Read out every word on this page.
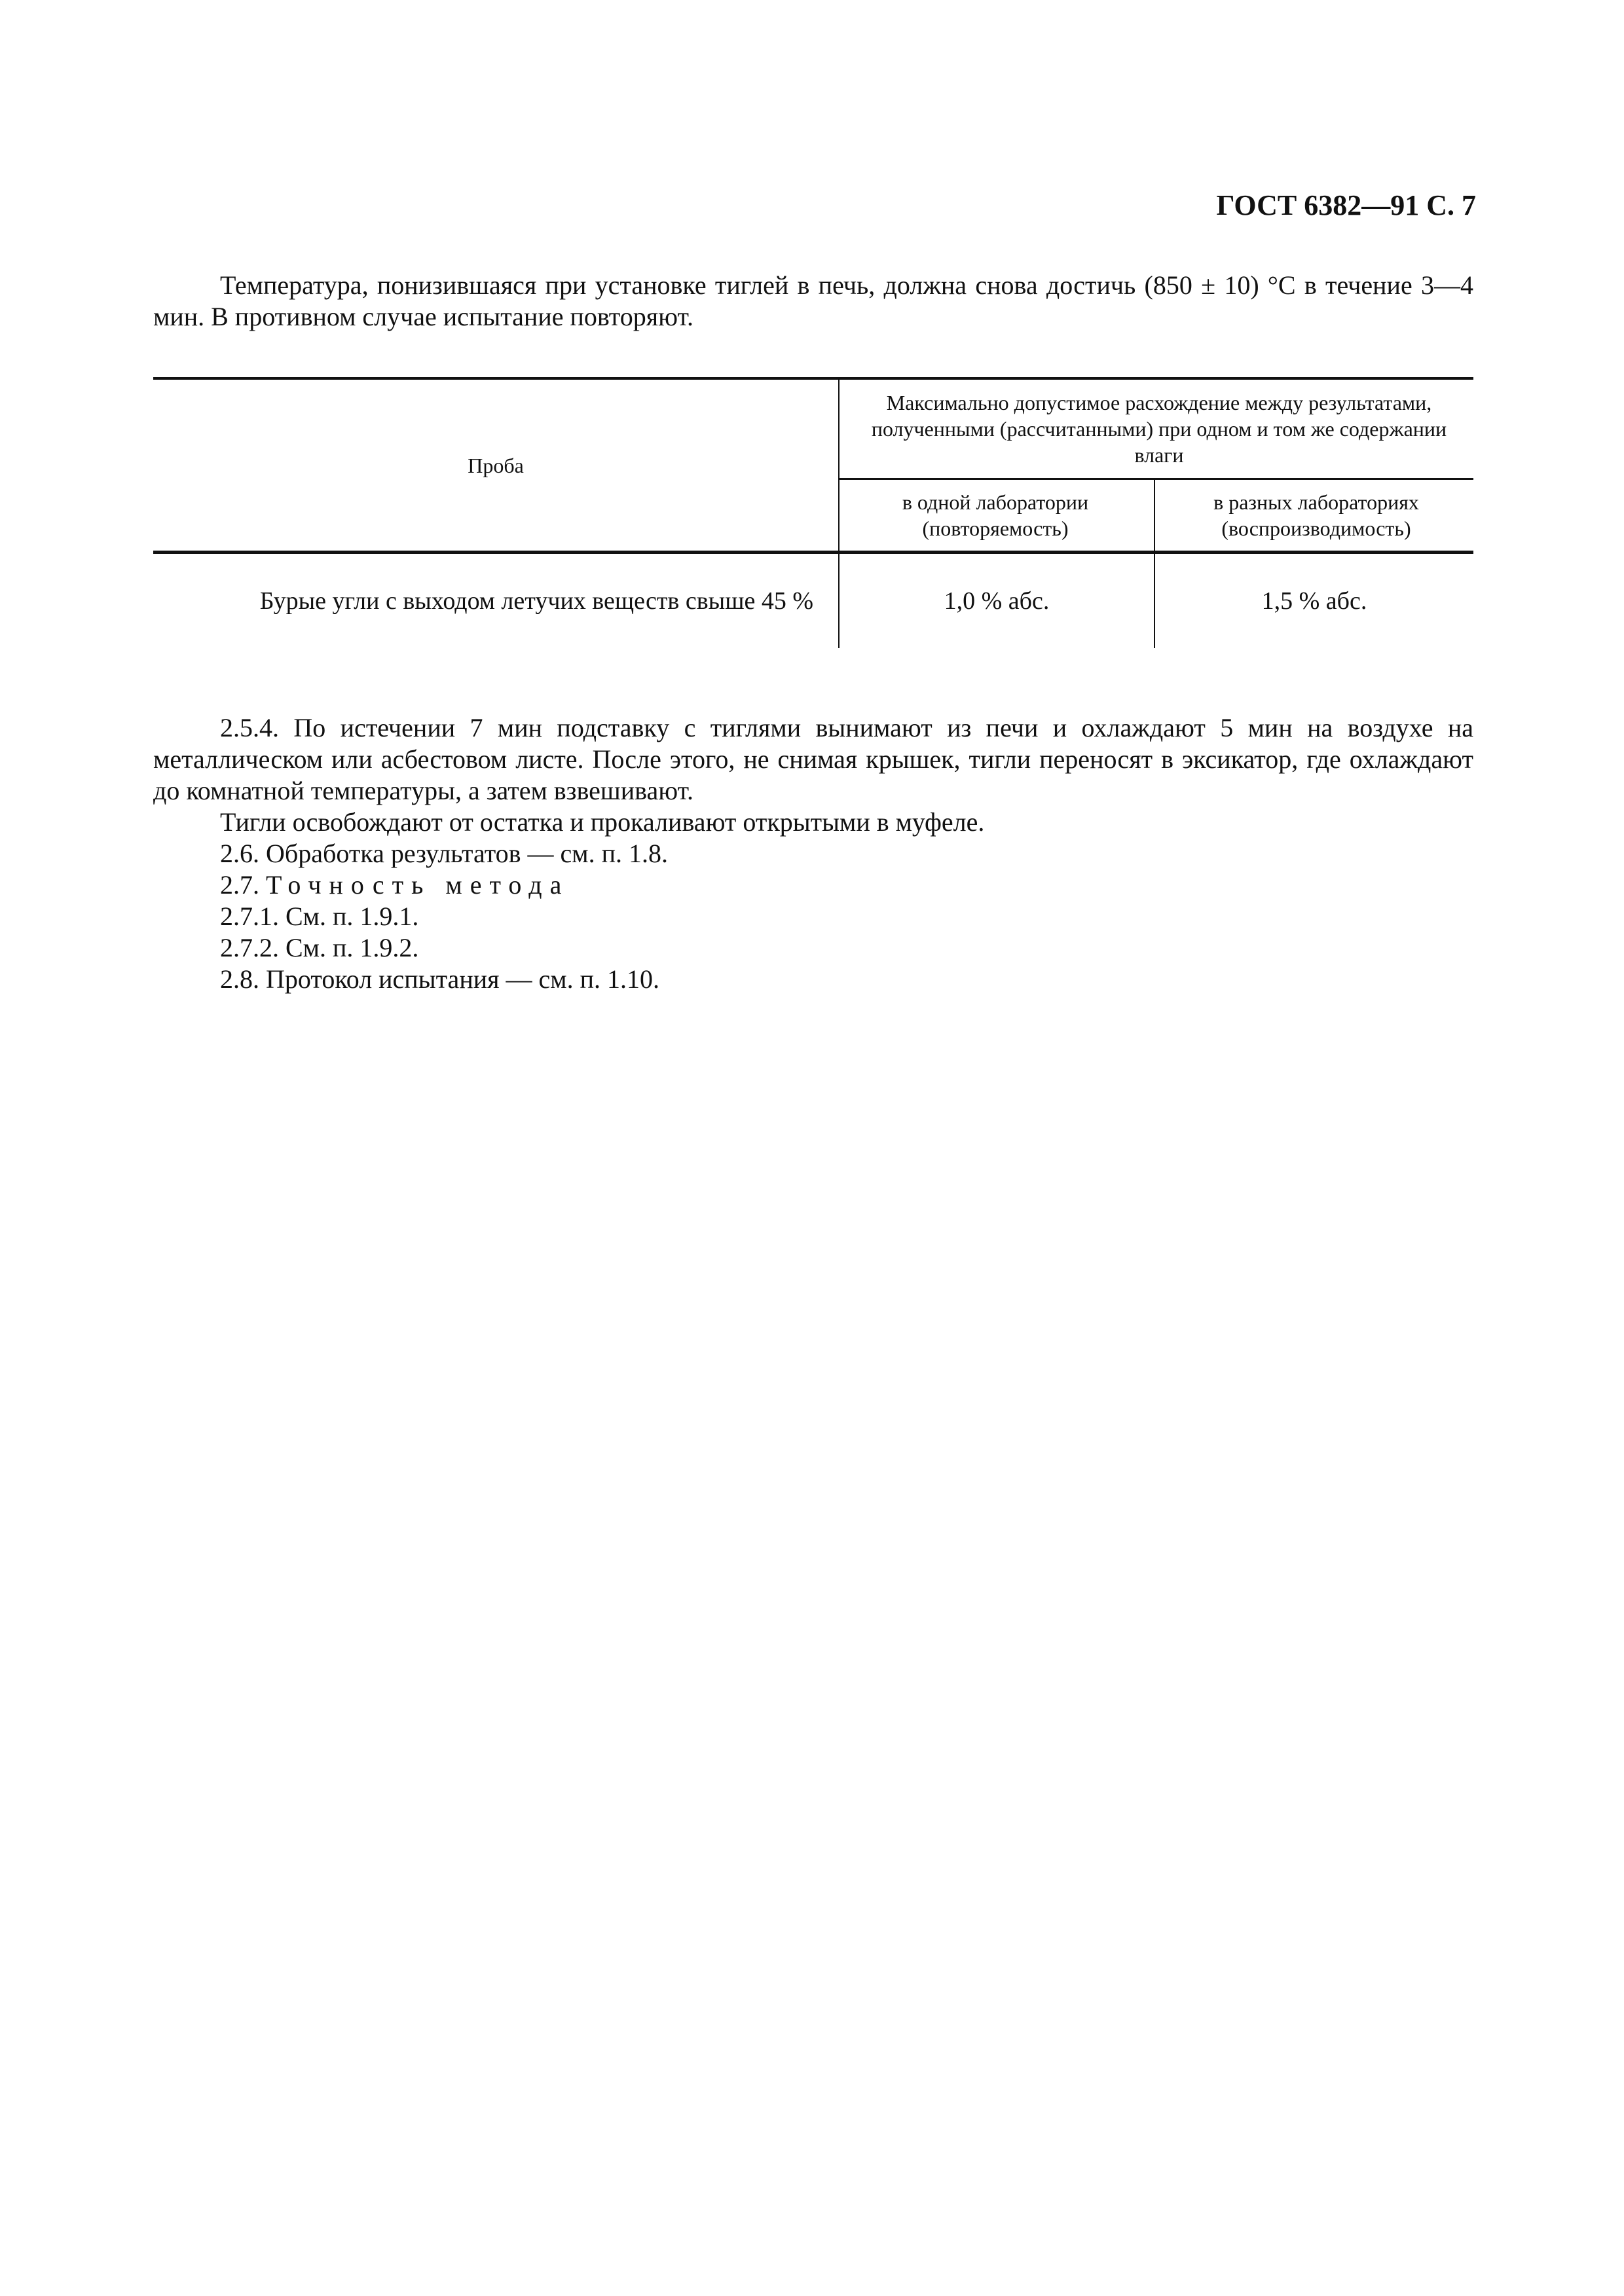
ГОСТ 6382—91 С. 7
Температура, понизившаяся при установке тиглей в печь, должна снова достичь (850 ± 10) °С в течение 3—4 мин. В противном случае испытание повторяют.
Проба
Максимально допустимое расхождение между результатами, полученными (рассчитанными) при одном и том же содержании влаги
в одной лаборатории (повторяемость)
в разных лабораториях (воспроизводимость)
Бурые угли с выходом летучих веществ свыше 45 %	1,0 % абс.	1,5 % абс.
2.5.4. По истечении 7 мин подставку с тиглями вынимают из печи и охлаждают 5 мин на воздухе на металлическом или асбестовом листе. После этого, не снимая крышек, тигли переносят в эксикатор, где охлаждают до комнатной температуры, а затем взвешивают.
Тигли освобождают от остатка и прокаливают открытыми в муфеле.
2.6. Обработка результатов — см. п. 1.8.
2.7. Точность метода
2.7.1. См. п. 1.9.1.
2.7.2. См. п. 1.9.2.
2.8. Протокол испытания — см. п. 1.10.
